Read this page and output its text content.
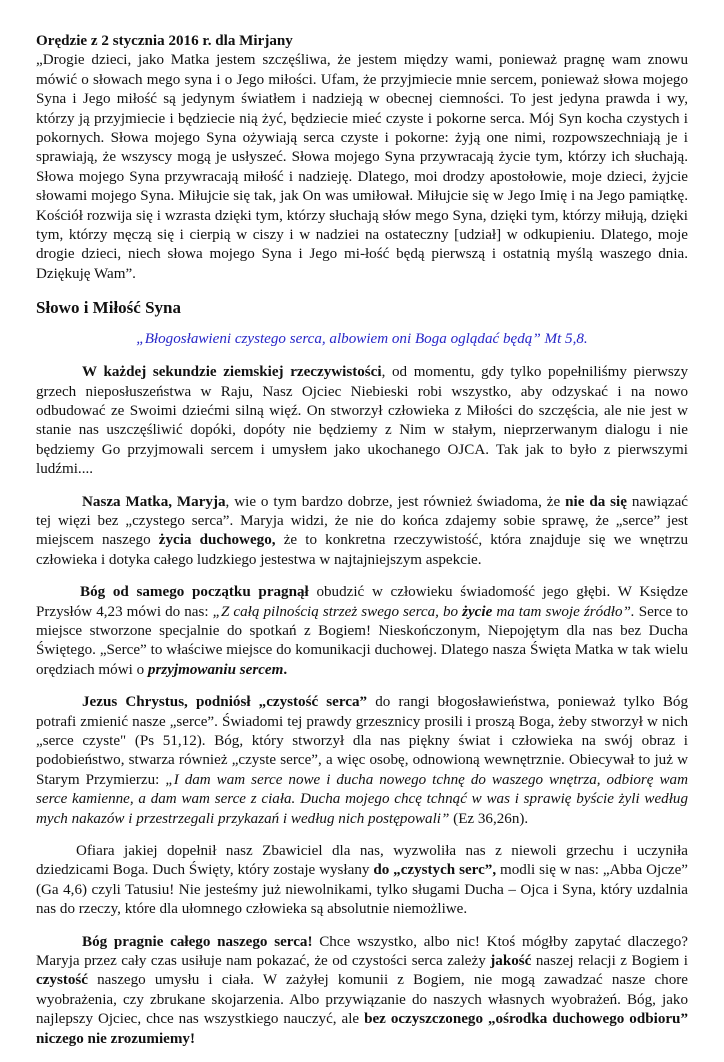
Orędzie z 2 stycznia 2016 r. dla Mirjany

„Drogie dzieci, jako Matka jestem szczęśliwa, że jestem między wami, ponieważ pragnę wam znowu mówić o słowach mego syna i o Jego miłości. Ufam, że przyjmiecie mnie sercem, ponieważ słowa mojego Syna i Jego miłość są jedynym światłem i nadzieją w obecnej ciemności. To jest jedyna prawda i wy, którzy ją przyjmiecie i będziecie nią żyć, będziecie mieć czyste i pokorne serca. Mój Syn kocha czystych i pokornych. Słowa mojego Syna ożywiają serca czyste i pokorne: żyją one nimi, rozpowszechniają je i sprawiają, że wszyscy mogą je usłyszeć. Słowa mojego Syna przywracają życie tym, którzy ich słuchają. Słowa mojego Syna przywracają miłość i nadzieję. Dlatego, moi drodzy apostołowie, moje dzieci, żyjcie słowami mojego Syna. Miłujcie się tak, jak On was umiłował. Miłujcie się w Jego Imię i na Jego pamiątkę. Kościół rozwija się i wzrasta dzięki tym, którzy słuchają słów mego Syna, dzięki tym, którzy miłują, dzięki tym, którzy męczą się i cierpią w ciszy i w nadziei na ostateczny [udział] w odkupieniu. Dlatego, moje drogie dzieci, niech słowa mojego Syna i Jego mi-łość będą pierwszą i ostatnią myślą waszego dnia. Dziękuję Wam”.

Słowo i Miłość Syna

„Błogosławieni czystego serca, albowiem oni Boga oglądać będą” Mt 5,8.

W każdej sekundzie ziemskiej rzeczywistości, od momentu, gdy tylko popełniliśmy pierwszy grzech nieposłuszeństwa w Raju, Nasz Ojciec Niebieski robi wszystko, aby odzyskać i na nowo odbudować ze Swoimi dziećmi silną więź. On stworzył człowieka z Miłości do szczęścia, ale nie jest w stanie nas uszczęśliwić dopóki, dopóty nie będziemy z Nim w stałym, nieprzerwanym dialogu i nie będziemy Go przyjmowali sercem i umysłem jako ukochanego OJCA. Tak jak to było z pierwszymi ludźmi....

Nasza Matka, Maryja, wie o tym bardzo dobrze, jest również świadoma, że nie da się nawiązać tej więzi bez „czystego serca”. Maryja widzi, że nie do końca zdajemy sobie sprawę, że „serce” jest miejscem naszego życia duchowego, że to konkretna rzeczywistość, która znajduje się we wnętrzu człowieka i dotyka całego ludzkiego jestestwa w najtajniejszym aspekcie.

Bóg od samego początku pragnął obudzić w człowieku świadomość jego głębi. W Księdze Przysłów 4,23 mówi do nas: „Z całą pilnością strzeż swego serca, bo życie ma tam swoje źródło”. Serce to miejsce stworzone specjalnie do spotkań z Bogiem! Nieskończonym, Niepojętym dla nas bez Ducha Świętego. „Serce” to właściwe miejsce do komunikacji duchowej. Dlatego nasza Święta Matka w tak wielu orędziach mówi o przyjmowaniu sercem.

Jezus Chrystus, podniósł „czystość serca” do rangi błogosławieństwa, ponieważ tylko Bóg potrafi zmienić nasze „serce”. Świadomi tej prawdy grzesznicy prosili i proszą Boga, żeby stworzył w nich „serce czyste" (Ps 51,12). Bóg, który stworzył dla nas piękny świat i człowieka na swój obraz i podobieństwo, stwarza również „czyste serce”, a więc osobę, odnowioną wewnętrznie. Obiecywał to już w Starym Przymierzu: „I dam wam serce nowe i ducha nowego tchnę do waszego wnętrza, odbiorę wam serce kamienne, a dam wam serce z ciała. Ducha mojego chcę tchnąć w was i sprawię byście żyli według mych nakazów i przestrzegali przykazań i według nich postępowali” (Ez 36,26n).

Ofiara jakiej dopełnił nasz Zbawiciel dla nas, wyzwoliła nas z niewoli grzechu i uczyniła dziedzicami Boga. Duch Święty, który zostaje wysłany do „czystych serc”, modli się w nas: „Abba Ojcze” (Ga 4,6) czyli Tatusiu! Nie jesteśmy już niewolnikami, tylko sługami Ducha – Ojca i Syna, który uzdalnia nas do rzeczy, które dla ułomnego człowieka są absolutnie niemożliwe.

Bóg pragnie całego naszego serca! Chce wszystko, albo nic! Ktoś mógłby zapytać dlaczego? Maryja przez cały czas usiłuje nam pokazać, że od czystości serca zależy jakość naszej relacji z Bogiem i czystość naszego umysłu i ciała. W zażyłej komunii z Bogiem, nie mogą zawadzać nasze chore wyobrażenia, czy zbrukane skojarzenia. Albo przywiązanie do naszych własnych wyobrażeń. Bóg, jako najlepszy Ojciec, chce nas wszystkiego nauczyć, ale bez oczyszczonego „ośrodka duchowego odbioru” niczego nie zrozumiemy!
